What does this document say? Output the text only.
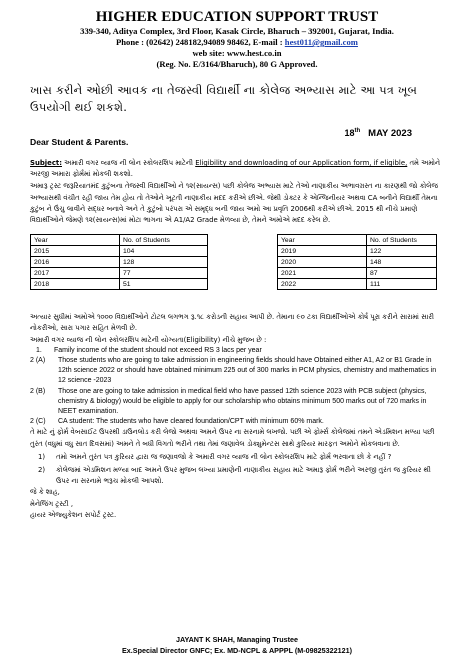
HIGHER EDUCATION SUPPORT TRUST
339-340, Aditya Complex, 3rd Floor, Kasak Circle, Bharuch – 392001, Gujarat, India.
Phone : (02642) 248182,94089 98462, E-mail : hest011@gmail.com
web site: www.hest.co.in
(Reg. No. E/3164/Bharuch), 80 G Approved.
ખાસ કરીને ઓછી આવક ના તેજસ્વી વિદ્યાર્થી ના કોલેજ અભ્યાસ માટે આ પત્ર ખૂબ ઉપયોગી થઈ શકશે.
Dear Student & Parents.
18th MAY 2023
Subject: અમારી વગર વ્યાજ ની લોન સ્કોલરશિપ માટેની Eligibility and downloading of our Application form, if eligible, તમે અમોને અરજી અમારા ફોર્મમાં મોકલી શકશો.
અમારૂ ટ્રસ્ટ જરૂરિયાતમંદ કુટુંબના તેજસ્વી વિદ્યાર્થીઓ ને ૧૨(સાયન્સ) પછી કોલેજ અભ્યાસ માટે તેઓ નાણાકીય અભાવગ્રસ્ત ના કારણથી જો કોલેજ અભ્યાસથી વંચીત રહી જાય તેમ હોય તો તેઓને ખૂટતી નાણાકીય મદદ કરીએ છીએ. જેથી ડોક્ટર કે એન્જિનીયર અથવા CA બનીને વિદ્યાર્થી તેમના કુટુંબ ને ઉંચુ લાવીને સદ્ધર બનાવે અને તે કુટુંબો પરંપરા એ સમૃદ્ધ બની જાય અમો આ પ્રવૃતિ 2006થી કરીએ છીએ. 2015 થી નીચે પ્રમાણે વિદ્યાર્થીઓને જેમણે ૧૨(સાયન્સ)માં મોટા ભાગના એ A1/A2 Grade મેળવ્યા છે, તેમને અમોએ મદદ કરેલ છે.
Year	No. of Students
2015	104
2016	128
2017	77
2018	51
Year	No. of Students
2019	122
2020	148
2021	87
2022	111
અત્યાર સુધીમાં અમોએ ૧૦૦૦ વિદ્યાર્થીઓને ટોટલ લગભગ રૂ.૧૮ કરોડની સહાય આપી છે. તેમાના ૯૦ ટકા વિદ્યાર્થીઓએ કોર્ષ પૂરા કરીને સારામાં સારી નોકરીઓ, સારા પગાર સહિત મેળવી છે.
અમારી વગર વ્યાજ ની લોન સ્કોલરશિપ માટેની યોગ્યતા(Eligibility) નીચે મુજબ છે :
1. Family income of the student should not exceed RS 3 lacs per year
2 (A) Those students who are going to take admission in engineering fields should have Obtained either A1, A2 or B1 Grade in 12th science 2022 or should have obtained minimum 225 out of 300 marks in PCM physics, chemistry and mathematics in 12 science -2023
2 (B) Those one are going to take admission in medical field who have passed 12th science 2023 with PCB subject (physics, chemistry & biology) would be eligible to apply for our scholarship who obtains minimum 500 marks out of 720 marks in NEET examination.
2 (C) CA student: The students who have cleared foundation/CPT with minimum 60% mark.
તે માટે નું ફોર્મ વેબસાઈટ ઉપરથી ડાઉનલોડ કરી લેજો અથવા અમને ઉપર ના સરનામે લખજો. પછી એ ફોર્મ્સ કોલેજમાં તમને એડમિશન મળ્યા પછી તુરંત (વધુમાં વધુ સાત દિવસમાં) અમને તે બધી વિગતો ભરીને તથા તેમાં જણાવેલ ડોક્યુમેન્ટસ સાથે કુરિયર મારફત અમોને મોકલવાના છે.
1) તમો અમને તુરંત પત્ર કુરિયર દ્વારા જ જણાવજો કે અમારી વગર વ્યાજ ની લોન સ્કોલરશિપ માટે ફોર્મ ભરવાના છો કે નહીં ?
2) કોલેજમાં એડમિશન મળ્યા બાદ અમને ઉપર મુજબ લખ્યા પ્રમાણેની નાણાકીય સહાય માટે અમારૂ ફોર્મ ભરીને અરજી તુરંત જ કુરિયર થી ઉપર ના સરનામે ભરૂચ મોકલી આપશો.
જે કે શાહ,
મેનેજિંગ ટ્રસ્ટી ,
હાયર એજ્યુકેશન સપોર્ટ ટ્રસ્ટ.
JAYANT K SHAH, Managing Trustee
Ex.Special Director GNFC; Ex. MD-NCPL & APPPL (M-09825322121)
